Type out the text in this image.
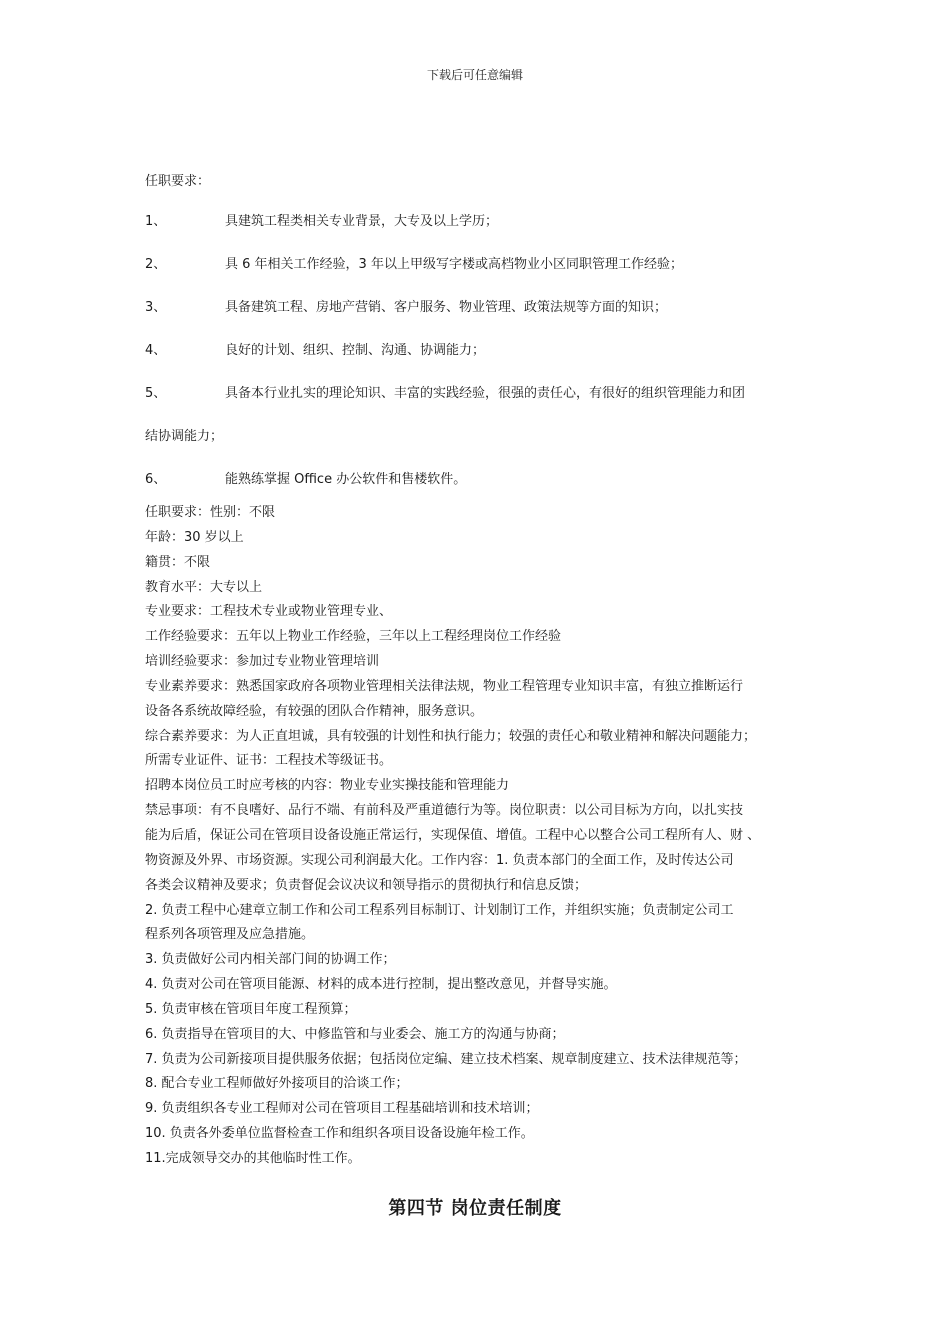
下载后可任意编辑
任职要求：
1、	具建筑工程类相关专业背景，大专及以上学历；
2、	具 6 年相关工作经验，3 年以上甲级写字楼或高档物业小区同职管理工作经验；
3、	具备建筑工程、房地产营销、客户服务、物业管理、政策法规等方面的知识；
4、	良好的计划、组织、控制、沟通、协调能力；
5、	具备本行业扎实的理论知识、丰富的实践经验，很强的责任心，有很好的组织管理能力和团
结协调能力；
6、	能熟练掌握 Office 办公软件和售楼软件。
任职要求：性别：不限
年龄：30 岁以上
籍贯：不限
教育水平：大专以上
专业要求：工程技术专业或物业管理专业、
工作经验要求：五年以上物业工作经验，三年以上工程经理岗位工作经验
培训经验要求：参加过专业物业管理培训
专业素养要求：熟悉国家政府各项物业管理相关法律法规，物业工程管理专业知识丰富，有独立推断运行
设备各系统故障经验，有较强的团队合作精神，服务意识。
综合素养要求：为人正直坦诚，具有较强的计划性和执行能力；较强的责任心和敬业精神和解决问题能力；
所需专业证件、证书：工程技术等级证书。
招聘本岗位员工时应考核的内容：物业专业实操技能和管理能力
禁忌事项：有不良嗜好、品行不端、有前科及严重道德行为等。岗位职责：以公司目标为方向，以扎实技
能为后盾，保证公司在管项目设备设施正常运行，实现保值、增值。工程中心以整合公司工程所有人、财 、
物资源及外界、市场资源。实现公司利润最大化。工作内容：1. 负责本部门的全面工作，及时传达公司
各类会议精神及要求；负责督促会议决议和领导指示的贯彻执行和信息反馈；
2. 负责工程中心建章立制工作和公司工程系列目标制订、计划制订工作，并组织实施；负责制定公司工
程系列各项管理及应急措施。
3. 负责做好公司内相关部门间的协调工作；
4. 负责对公司在管项目能源、材料的成本进行控制，提出整改意见，并督导实施。
5. 负责审核在管项目年度工程预算；
6. 负责指导在管项目的大、中修监管和与业委会、施工方的沟通与协商；
7. 负责为公司新接项目提供服务依据；包括岗位定编、建立技术档案、规章制度建立、技术法律规范等；
8. 配合专业工程师做好外接项目的洽谈工作；
9. 负责组织各专业工程师对公司在管项目工程基础培训和技术培训；
10. 负责各外委单位监督检查工作和组织各项目设备设施年检工作。
11.完成领导交办的其他临时性工作。
第四节 岗位责任制度
